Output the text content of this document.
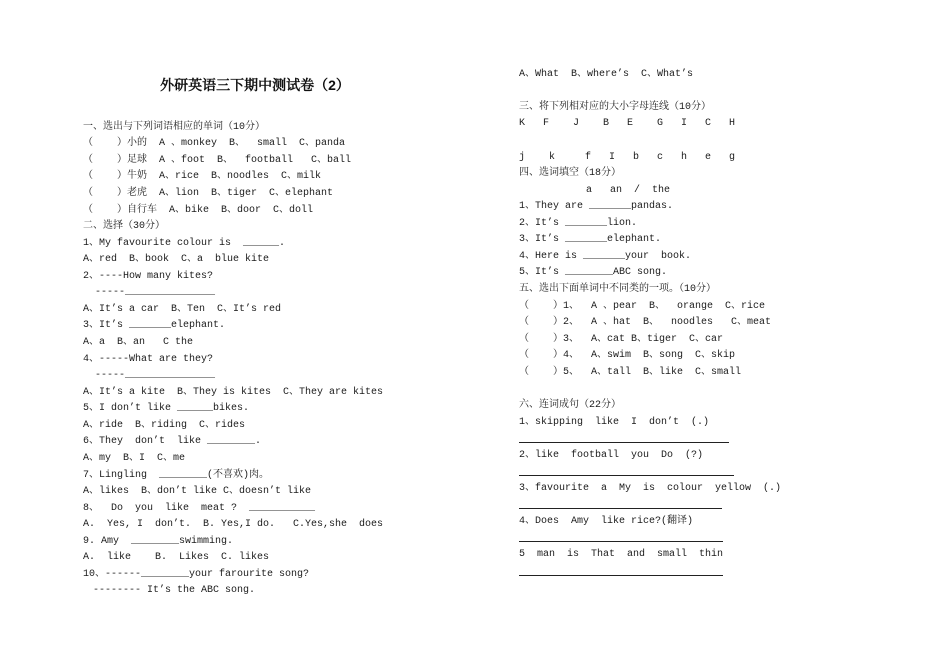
外研英语三下期中测试卷（2）
一、选出与下列词语相应的单词（10分）
（    ）小的  A 、monkey  B、  small  C、panda
（    ）足球  A 、foot  B、  football   C、ball
（    ）牛奶  A、rice  B、noodles  C、milk
（    ）老虎  A、lion  B、tiger  C、elephant
（    ）自行车  A、bike  B、door  C、doll
二、选择（30分）
1、My favourite colour is  ______.
A、red  B、book  C、a  blue kite
2、----How many kites?
-----_______________
A、It’s a car  B、Ten  C、It’s red
3、It’s _______elephant.
A、a  B、an   C the
4、-----What are they?
-----_______________
A、It’s a kite  B、They is kites  C、They are kites
5、I don’t like ______bikes.
A、ride  B、riding  C、rides
6、They  don’t  like ________.
A、my  B、I  C、me
7、Lingling  ________(不喜欢)肉。
A、likes  B、don’t like C、doesn’t like
8、  Do  you  like  meat ?  ___________
A.  Yes, I  don’t.  B. Yes,I do.   C.Yes,she  does
9. Amy  ________swimming.
A.  like    B.  Likes  C. likes
10、------________your farourite song?
-------- It’s the ABC song.
A、What  B、where’s  C、What’s
三、将下列相对应的大小字母连线（10分）
K   F    J    B   E    G   I   C   H
j    k     f   I   b   c   h   e   g
四、选词填空（18分）
a   an  /  the
1、They are _______pandas.
2、It’s _______lion.
3、It’s _______elephant.
4、Here is _______your  book.
5、It’s ________ABC song.
五、选出下面单词中不同类的一项。（10分）
（    ）1、  A 、pear  B、  orange  C、rice
（    ）2、  A 、hat  B、  noodles   C、meat
（    ）3、  A、cat B、tiger  C、car
（    ）4、  A、swim  B、song  C、skip
（    ）5、  A、tall  B、like  C、small
六、连词成句（22分）
1、skipping  like  I  don’t  (.)
2、like  football  you  Do  (?)
3、favourite  a  My  is  colour  yellow  (.)
4、Does  Amy  like rice?(翻译)
5  man  is  That  and  small  thin
